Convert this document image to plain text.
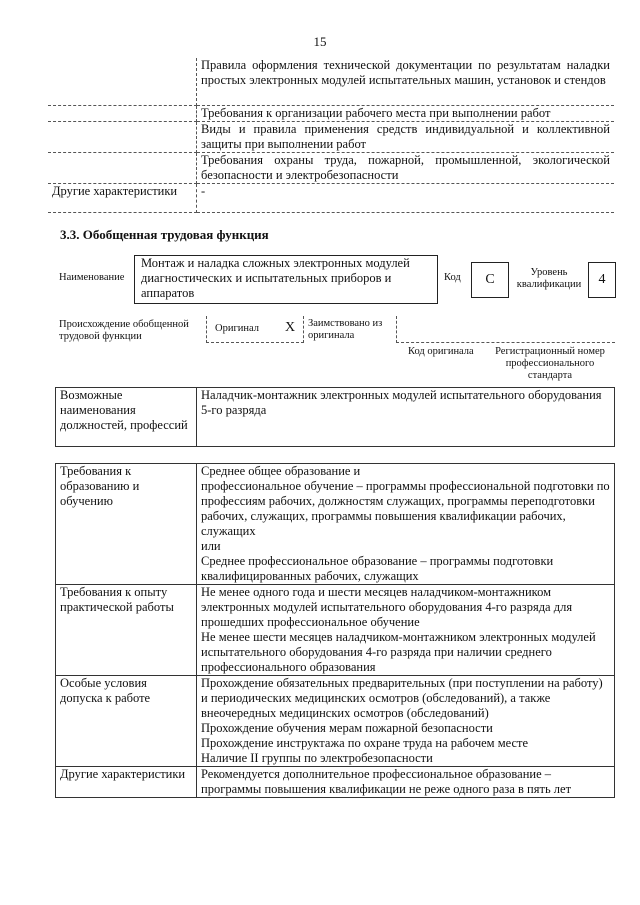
15

	Правила оформления технической документации по результатам наладки простых электронных модулей испытательных машин, установок и стендов

	Требования к организации рабочего места при выполнении работ

	Виды и правила применения средств индивидуальной и коллективной защиты при выполнении работ

	Требования охраны труда, пожарной, промышленной, экологической безопасности и электробезопасности

Другие характеристики	-
3.3. Обобщенная трудовая функция
Наименование
Монтаж и наладка сложных электронных модулей диагностических и испытательных приборов и аппаратов
Код	C	Уровень квалификации	4
Происхождение обобщенной трудовой функции
Оригинал X Заимствовано из оригинала
Код оригинала	Регистрационный номер профессионального стандарта
Возможные наименования должностей, профессий	Наладчик-монтажник электронных модулей испытательного оборудования 5-го разряда
Требования к образованию и обучению	Среднее общее образование и
профессиональное обучение – программы профессиональной подготовки по профессиям рабочих, должностям служащих, программы переподготовки рабочих, служащих, программы повышения квалификации рабочих, служащих
или
Среднее профессиональное образование – программы подготовки квалифицированных рабочих, служащих

Требования к опыту практической работы	Не менее одного года и шести месяцев наладчиком-монтажником электронных модулей испытательного оборудования 4-го разряда для прошедших профессиональное обучение
Не менее шести месяцев наладчиком-монтажником электронных модулей испытательного оборудования 4-го разряда при наличии среднего профессионального образования

Особые условия допуска к работе	Прохождение обязательных предварительных (при поступлении на работу) и периодических медицинских осмотров (обследований), а также внеочередных медицинских осмотров (обследований)
Прохождение обучения мерам пожарной безопасности
Прохождение инструктажа по охране труда на рабочем месте
Наличие II группы по электробезопасности

Другие характеристики	Рекомендуется дополнительное профессиональное образование – программы повышения квалификации не реже одного раза в пять лет
